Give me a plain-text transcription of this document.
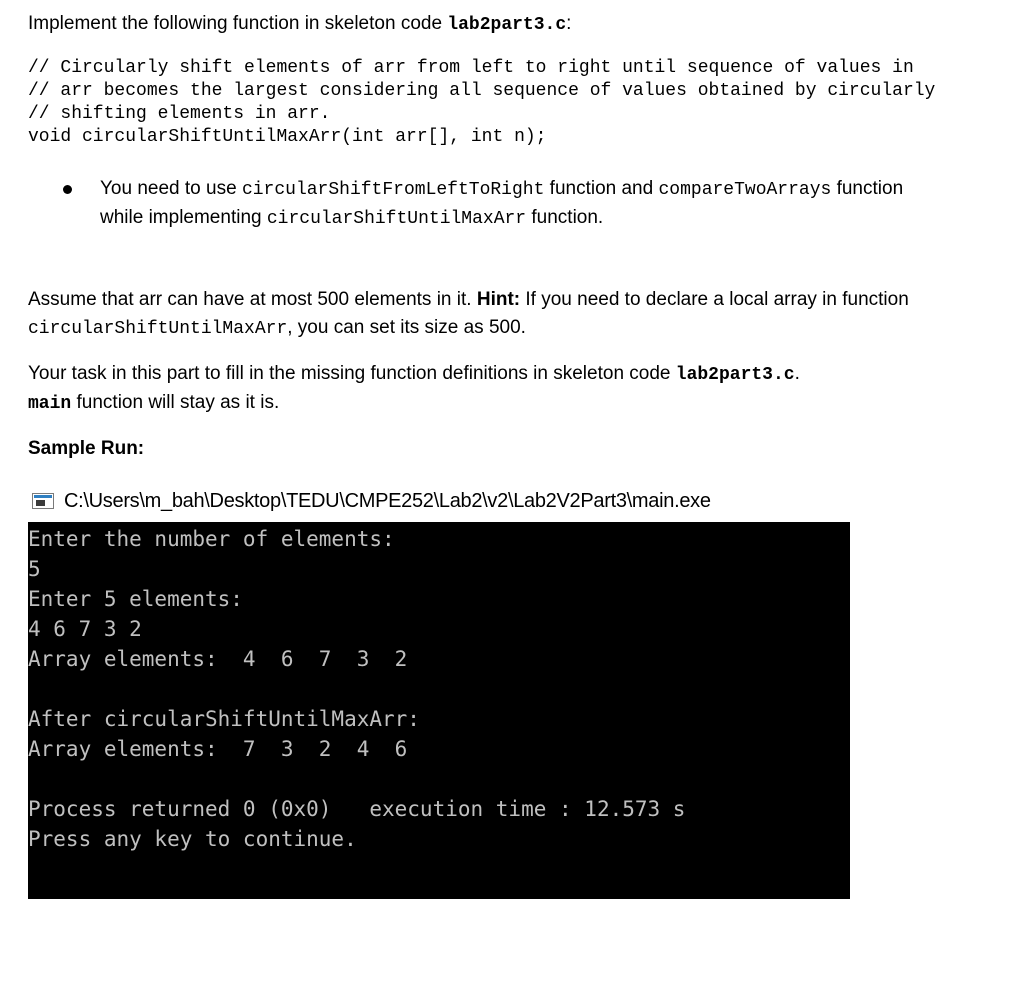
Implement the following function in skeleton code lab2part3.c:

// Circularly shift elements of arr from left to right until sequence of values in

// arr becomes the largest considering all sequence of values obtained by circularly

// shifting elements in arr.

void circularShiftUntilMaxArr(int arr[], int n);

You need to use circularShiftFromLeftToRight function and compareTwoArrays function

while implementing circularShiftUntilMaxArr function.

Assume that arr can have at most 500 elements in it. Hint: If you need to declare a local array in function

circularShiftUntilMaxArr, you can set its size as 500.

Your task in this part to fill in the missing function definitions in skeleton code lab2part3.c.

main function will stay as it is.

Sample Run:

C:\Users\m_bah\Desktop\TEDU\CMPE252\Lab2\v2\Lab2V2Part3\main.exe
Enter the number of elements:
5
Enter 5 elements:
4 6 7 3 2
Array elements:  4  6  7  3  2
After circularShiftUntilMaxArr:
Array elements:  7  3  2  4  6
Process returned 0 (0x0)   execution time : 12.573 s
Press any key to continue.
